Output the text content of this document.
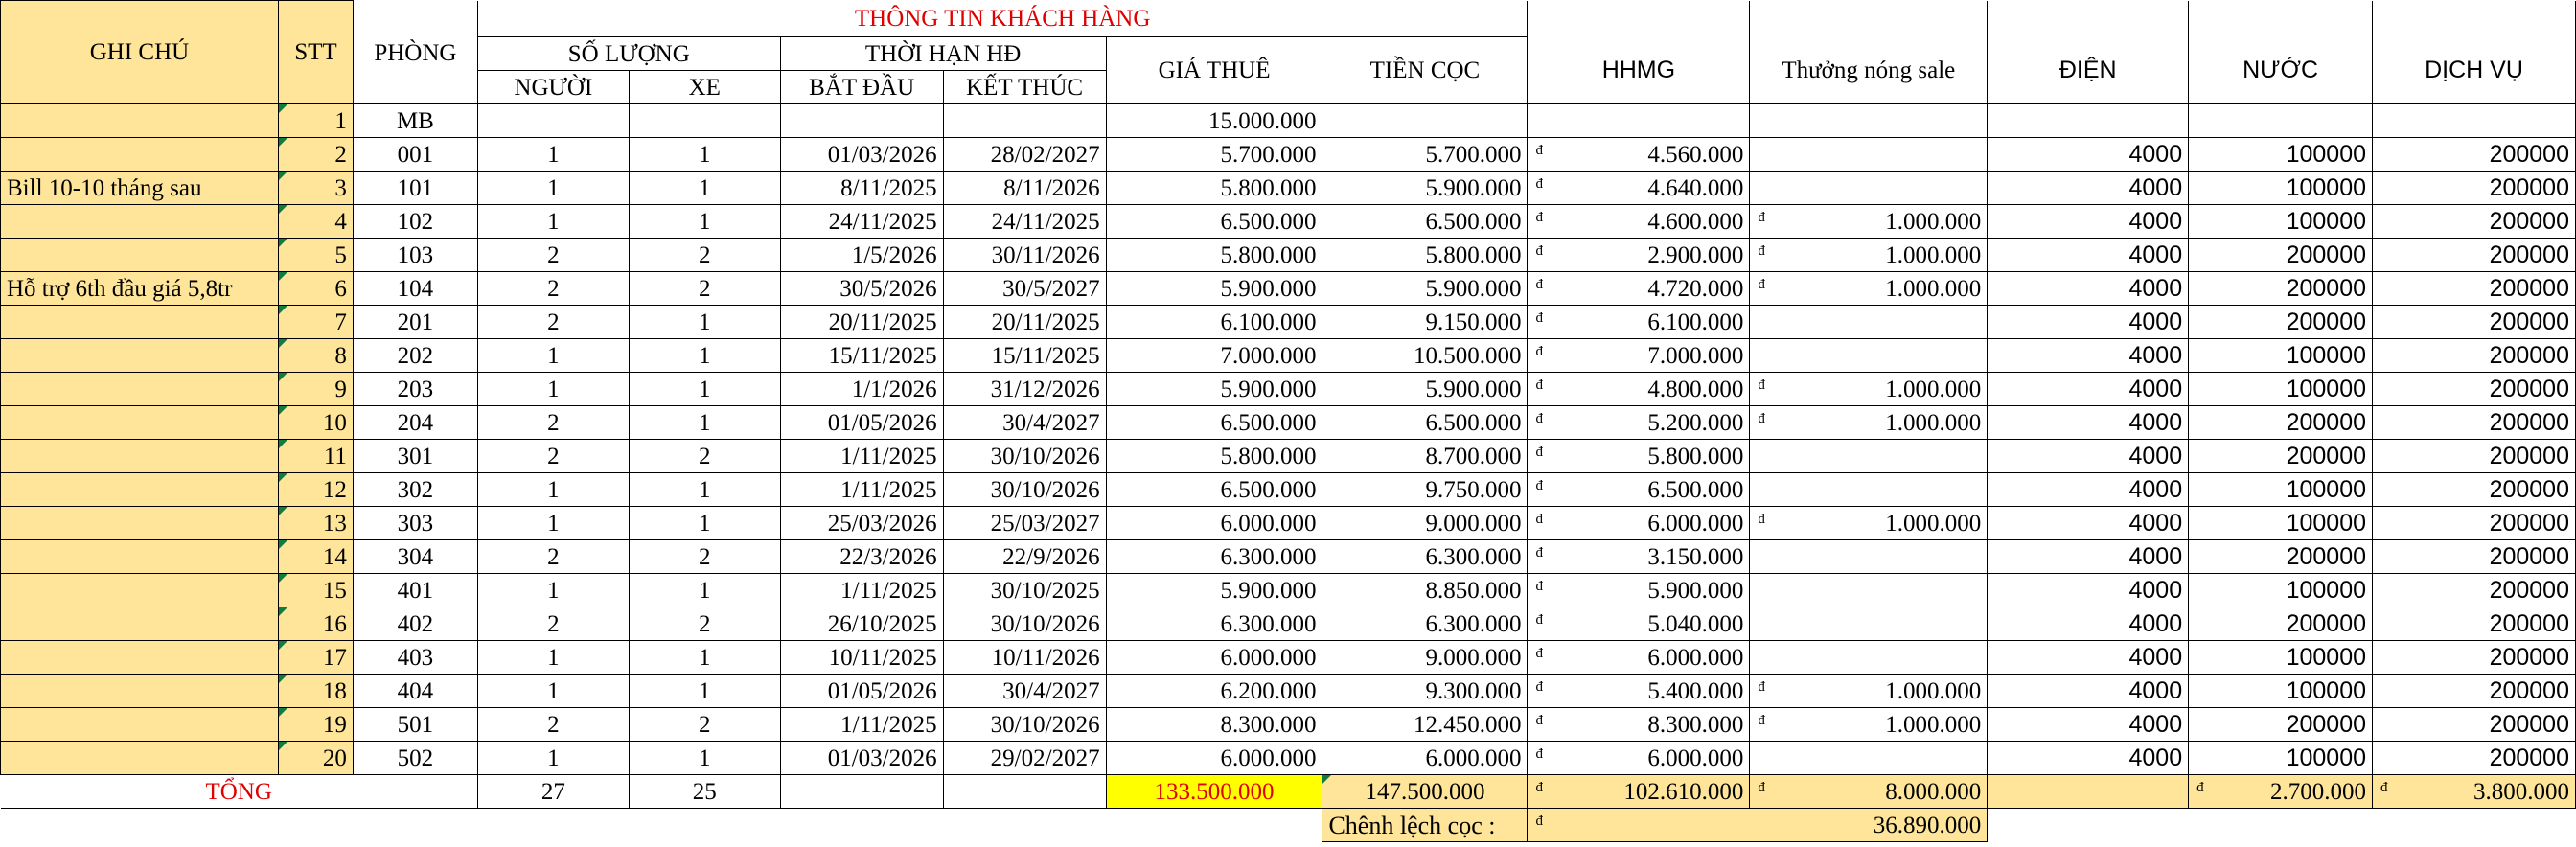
GHI CHÚ	STT		THÔNG TIN KHÁCH HÀNG										
		PHÒNG	SỐ LƯỢNG		THỜI HẠN HĐ		GIÁ THUÊ	TIỀN CỌC	HHMG	Thưởng nóng sale	ĐIỆN	NƯỚC	DỊCH VỤ
			NGƯỜI	XE	BẮT ĐẦU	KẾT THÚC							
	1	MB					15.000.000						
	2	001	1	1	01/03/2026	28/02/2027	5.700.000	5.700.000	đ 4.560.000		4000	100000	200000
Bill 10-10 tháng sau	3	101	1	1	8/11/2025	8/11/2026	5.800.000	5.900.000	đ 4.640.000		4000	100000	200000
	4	102	1	1	24/11/2025	24/11/2025	6.500.000	6.500.000	đ 4.600.000	đ 1.000.000	4000	100000	200000
	5	103	2	2	1/5/2026	30/11/2026	5.800.000	5.800.000	đ 2.900.000	đ 1.000.000	4000	200000	200000
Hỗ trợ 6th đầu giá 5,8tr	6	104	2	2	30/5/2026	30/5/2027	5.900.000	5.900.000	đ 4.720.000	đ 1.000.000	4000	200000	200000
	7	201	2	1	20/11/2025	20/11/2025	6.100.000	9.150.000	đ 6.100.000		4000	200000	200000
	8	202	1	1	15/11/2025	15/11/2025	7.000.000	10.500.000	đ 7.000.000		4000	100000	200000
	9	203	1	1	1/1/2026	31/12/2026	5.900.000	5.900.000	đ 4.800.000	đ 1.000.000	4000	100000	200000
	10	204	2	1	01/05/2026	30/4/2027	6.500.000	6.500.000	đ 5.200.000	đ 1.000.000	4000	200000	200000
	11	301	2	2	1/11/2025	30/10/2026	5.800.000	8.700.000	đ 5.800.000		4000	200000	200000
	12	302	1	1	1/11/2025	30/10/2026	6.500.000	9.750.000	đ 6.500.000		4000	100000	200000
	13	303	1	1	25/03/2026	25/03/2027	6.000.000	9.000.000	đ 6.000.000	đ 1.000.000	4000	100000	200000
	14	304	2	2	22/3/2026	22/9/2026	6.300.000	6.300.000	đ 3.150.000		4000	200000	200000
	15	401	1	1	1/11/2025	30/10/2025	5.900.000	8.850.000	đ 5.900.000		4000	100000	200000
	16	402	2	2	26/10/2025	30/10/2026	6.300.000	6.300.000	đ 5.040.000		4000	200000	200000
	17	403	1	1	10/11/2025	10/11/2026	6.000.000	9.000.000	đ 6.000.000		4000	100000	200000
	18	404	1	1	01/05/2026	30/4/2027	6.200.000	9.300.000	đ 5.400.000	đ 1.000.000	4000	100000	200000
	19	501	2	2	1/11/2025	30/10/2026	8.300.000	12.450.000	đ 8.300.000	đ 1.000.000	4000	200000	200000
	20	502	1	1	01/03/2026	29/02/2027	6.000.000	6.000.000	đ 6.000.000		4000	100000	200000
TỔNG			27	25			133.500.000	147.500.000	đ 102.610.000	đ 8.000.000		đ 2.700.000	đ 3.800.000

								Chênh lệch cọc :	đ 36.890.000				
